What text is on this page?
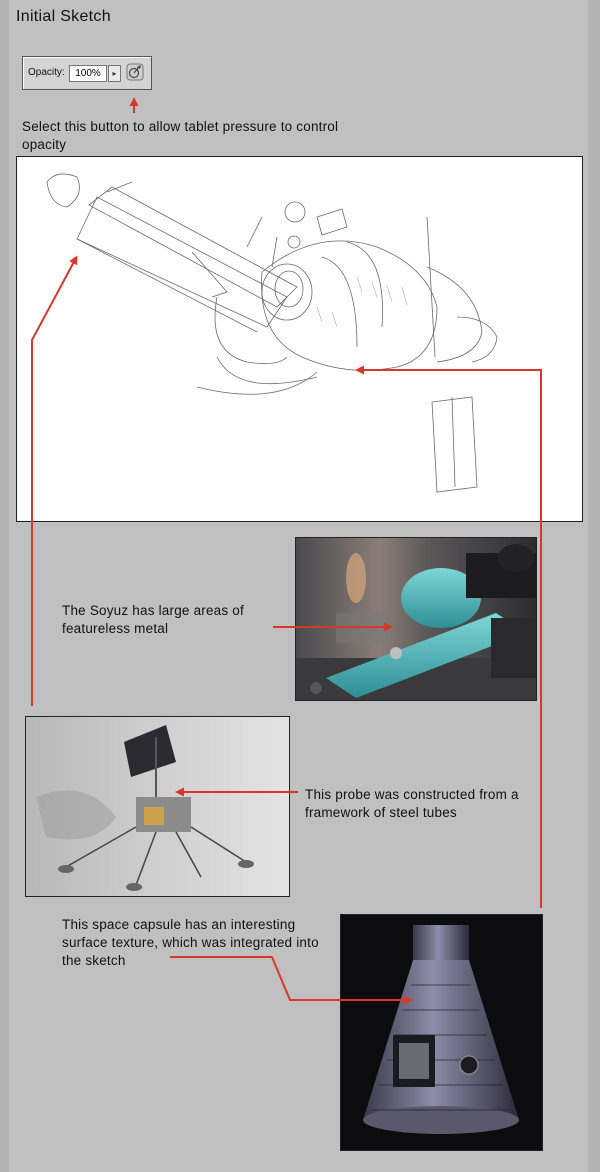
Initial Sketch
Opacity:
100%	▸
Select this button to allow tablet pressure to control opacity
The Soyuz has large areas of featureless metal
This probe was constructed from a framework of steel tubes
This space capsule has an interesting surface texture, which was integrated into the sketch
